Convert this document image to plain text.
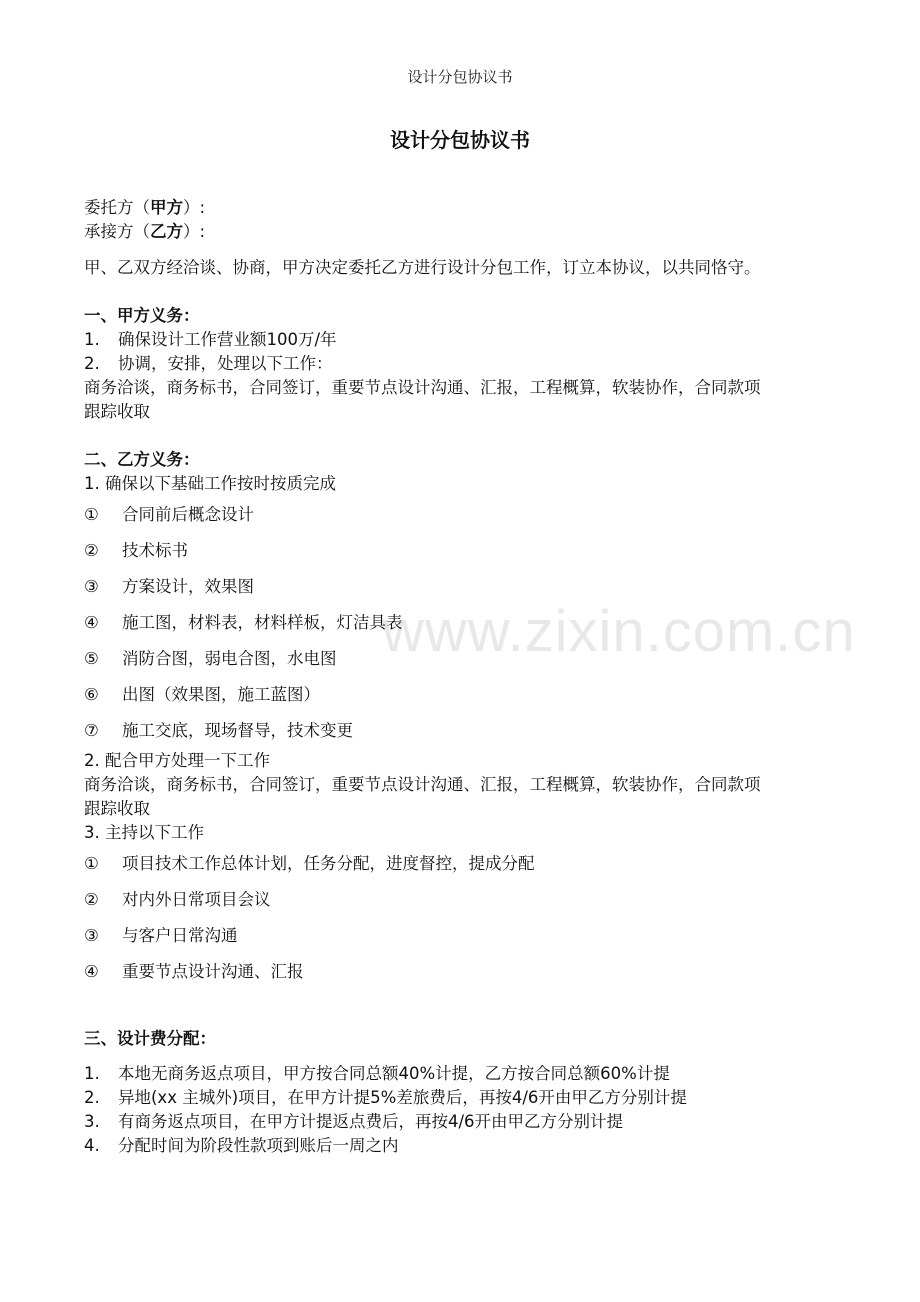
设计分包协议书
设计分包协议书
委托方（甲方）:
承接方（乙方）:
甲、乙双方经洽谈、协商，甲方决定委托乙方进行设计分包工作，订立本协议，以共同恪守。
一、甲方义务：
1. 确保设计工作营业额100万/年
2. 协调，安排，处理以下工作：
商务洽谈，商务标书，合同签订，重要节点设计沟通、汇报，工程概算，软装协作，合同款项
跟踪收取
二、乙方义务：
1. 确保以下基础工作按时按质完成
① 合同前后概念设计
② 技术标书
③ 方案设计，效果图
④ 施工图，材料表，材料样板，灯洁具表
⑤ 消防合图，弱电合图，水电图
⑥ 出图（效果图，施工蓝图）
⑦ 施工交底，现场督导，技术变更
2. 配合甲方处理一下工作
商务洽谈，商务标书，合同签订，重要节点设计沟通、汇报，工程概算，软装协作，合同款项
跟踪收取
3. 主持以下工作
① 项目技术工作总体计划，任务分配，进度督控，提成分配
② 对内外日常项目会议
③ 与客户日常沟通
④ 重要节点设计沟通、汇报
三、设计费分配：
1. 本地无商务返点项目，甲方按合同总额40%计提，乙方按合同总额60%计提
2. 异地(xx 主城外)项目，在甲方计提5%差旅费后，再按4/6开由甲乙方分别计提
3. 有商务返点项目，在甲方计提返点费后，再按4/6开由甲乙方分别计提
4. 分配时间为阶段性款项到账后一周之内
www.zixin.com.cn
